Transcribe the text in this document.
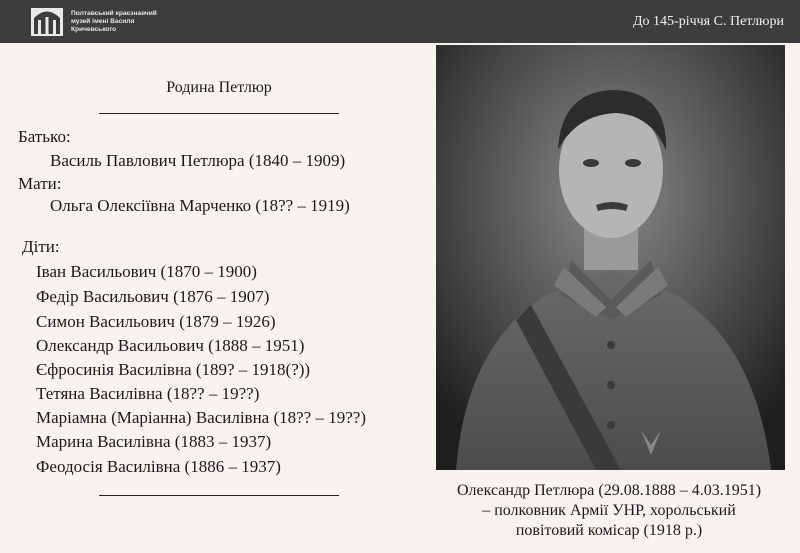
Полтавський краєзнавчий
музей імені Василя
Кричевського
До 145-річчя С. Петлюри
Родина Петлюр
Батько:
Василь Павлович Петлюра (1840 – 1909)
Мати:
Ольга Олексіївна Марченко (18?? – 1919)
Діти:
Іван Васильович (1870 – 1900)
Федір Васильович (1876 – 1907)
Симон Васильович (1879 – 1926)
Олександр Васильович (1888 – 1951)
Єфросинія Василівна (189? – 1918(?))
Тетяна Василівна (18?? – 19??)
Маріамна (Маріанна) Василівна (18?? – 19??)
Марина Василівна (1883 – 1937)
Феодосія Василівна (1886 – 1937)
Олександр Петлюра (29.08.1888 – 4.03.1951)
– полковник Армії УНР, хорольський
повітовий комісар (1918 р.)
